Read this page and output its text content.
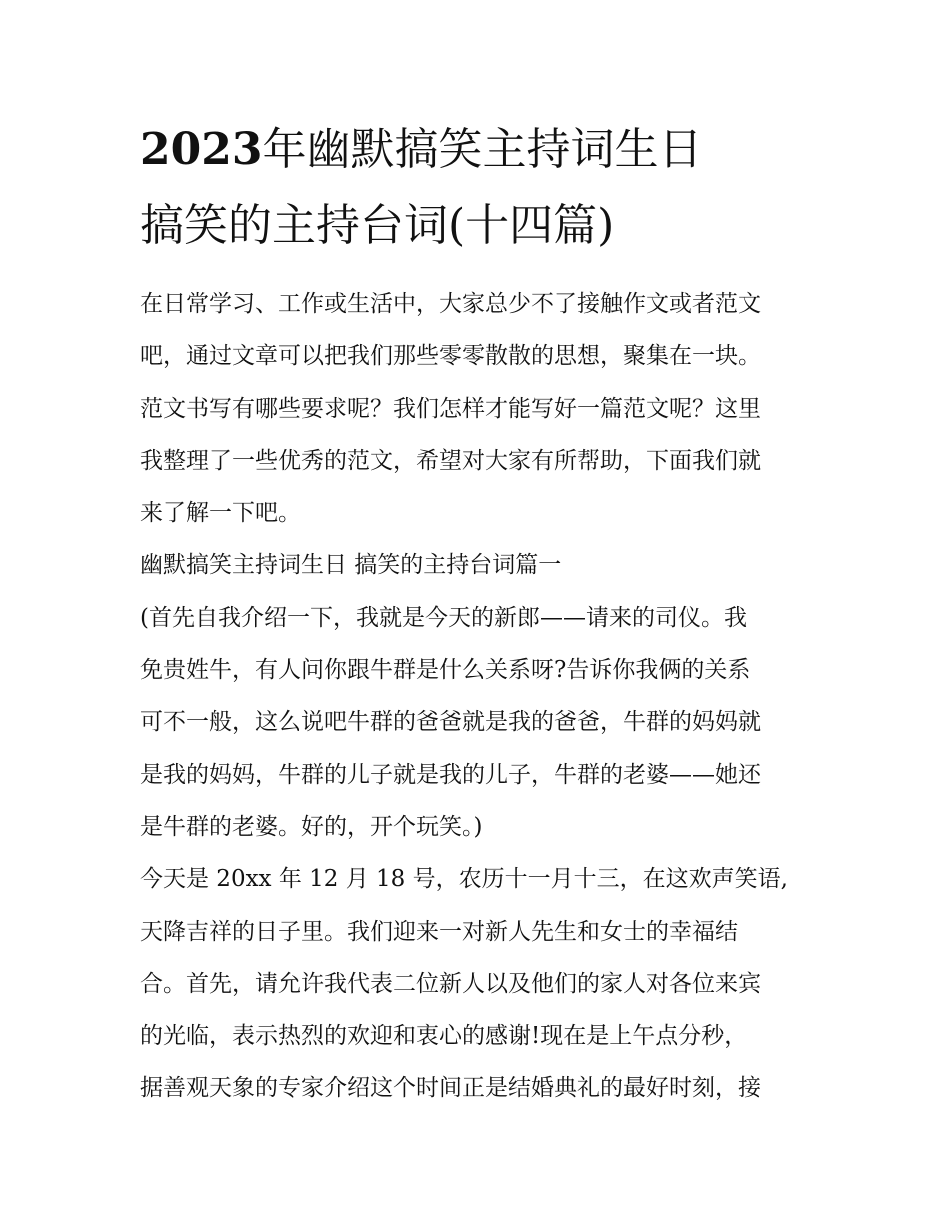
2023年幽默搞笑主持词生日
搞笑的主持台词(十四篇)
在日常学习、工作或生活中，大家总少不了接触作文或者范文
吧，通过文章可以把我们那些零零散散的思想，聚集在一块。
范文书写有哪些要求呢？我们怎样才能写好一篇范文呢？这里
我整理了一些优秀的范文，希望对大家有所帮助，下面我们就
来了解一下吧。
幽默搞笑主持词生日 搞笑的主持台词篇一
(首先自我介绍一下，我就是今天的新郎——请来的司仪。我
免贵姓牛，有人问你跟牛群是什么关系呀?告诉你我俩的关系
可不一般，这么说吧牛群的爸爸就是我的爸爸，牛群的妈妈就
是我的妈妈，牛群的儿子就是我的儿子，牛群的老婆——她还
是牛群的老婆。好的，开个玩笑。)
今天是 20xx 年 12 月 18 号，农历十一月十三，在这欢声笑语,
天降吉祥的日子里。我们迎来一对新人先生和女士的幸福结
合。首先，请允许我代表二位新人以及他们的家人对各位来宾
的光临，表示热烈的欢迎和衷心的感谢!现在是上午点分秒，
据善观天象的专家介绍这个时间正是结婚典礼的最好时刻，接
